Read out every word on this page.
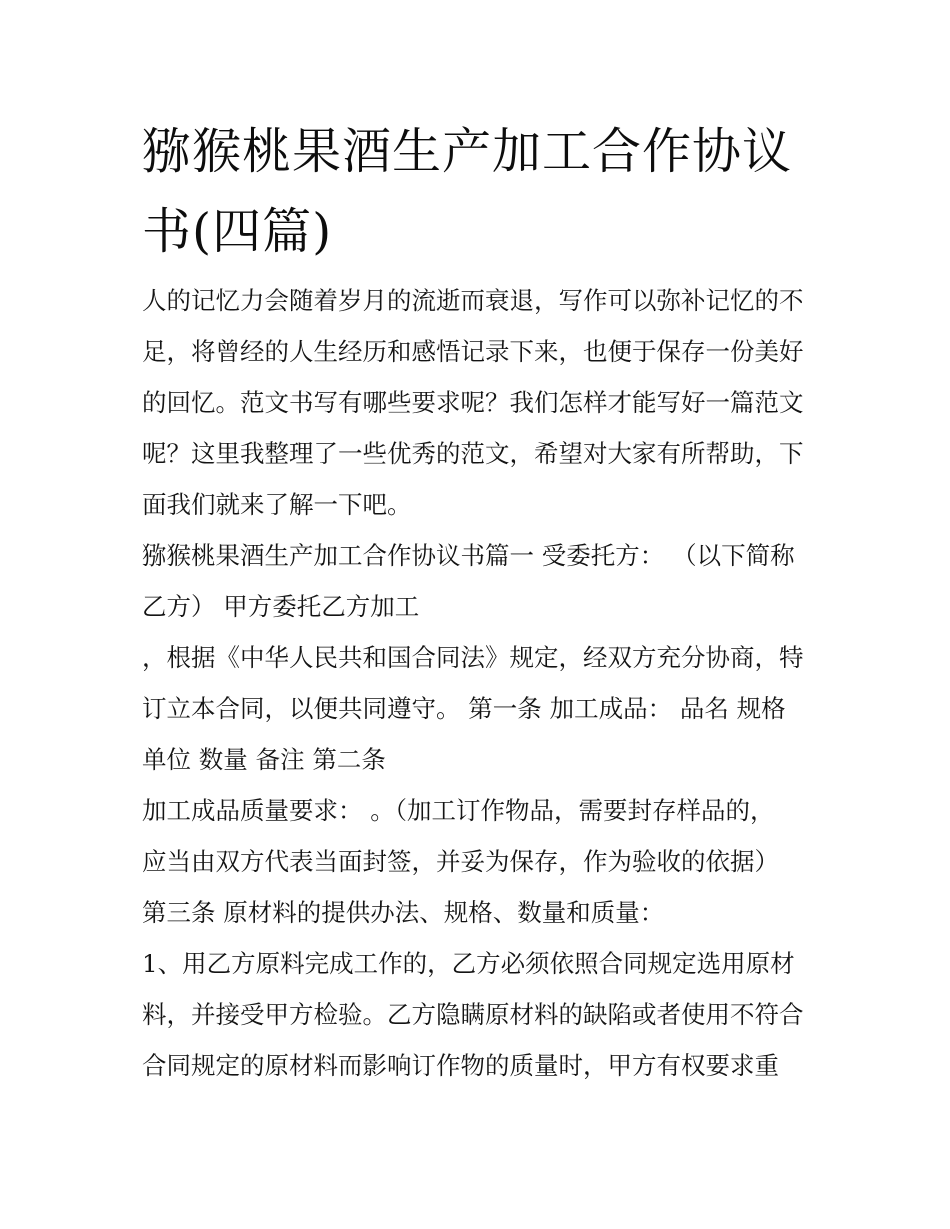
猕猴桃果酒生产加工合作协议
书(四篇)

人的记忆力会随着岁月的流逝而衰退，写作可以弥补记忆的不

足，将曾经的人生经历和感悟记录下来，也便于保存一份美好

的回忆。范文书写有哪些要求呢？我们怎样才能写好一篇范文

呢？这里我整理了一些优秀的范文，希望对大家有所帮助，下

面我们就来了解一下吧。

猕猴桃果酒生产加工合作协议书篇一 受委托方： （以下简称

乙方） 甲方委托乙方加工

，根据《中华人民共和国合同法》规定，经双方充分协商，特

订立本合同，以便共同遵守。 第一条 加工成品： 品名 规格

单位 数量 备注 第二条

加工成品质量要求： 。（加工订作物品，需要封存样品的，

应当由双方代表当面封签，并妥为保存，作为验收的依据）

第三条 原材料的提供办法、规格、数量和质量：

1、用乙方原料完成工作的，乙方必须依照合同规定选用原材

料，并接受甲方检验。乙方隐瞒原材料的缺陷或者使用不符合

合同规定的原材料而影响订作物的质量时，甲方有权要求重
